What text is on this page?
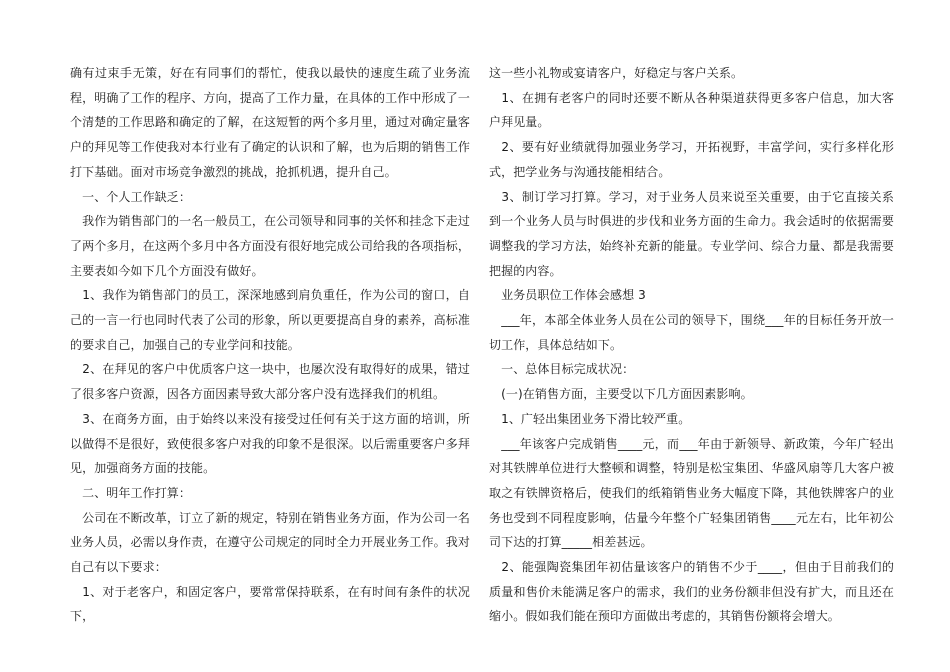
确有过束手无策，好在有同事们的帮忙，使我以最快的速度生疏了业务流程，明确了工作的程序、方向，提高了工作力量，在具体的工作中形成了一个清楚的工作思路和确定的了解，在这短暂的两个多月里，通过对确定量客户的拜见等工作使我对本行业有了确定的认识和了解，也为后期的销售工作打下基础。面对市场竞争激烈的挑战，抢抓机遇，提升自己。

　一、个人工作缺乏：

　我作为销售部门的一名一般员工，在公司领导和同事的关怀和挂念下走过了两个多月，在这两个多月中各方面没有很好地完成公司给我的各项指标，主要表如今如下几个方面没有做好。

　1、我作为销售部门的员工，深深地感到肩负重任，作为公司的窗口，自己的一言一行也同时代表了公司的形象，所以更要提高自身的素养，高标准的要求自己，加强自己的专业学问和技能。

　2、在拜见的客户中优质客户这一块中，也屡次没有取得好的成果，错过了很多客户资源，因各方面因素导致大部分客户没有选择我们的机组。

　3、在商务方面，由于始终以来没有接受过任何有关于这方面的培训，所以做得不是很好，致使很多客户对我的印象不是很深。以后需重要客户多拜见，加强商务方面的技能。

　二、明年工作打算：

　公司在不断改革，订立了新的规定，特别在销售业务方面，作为公司一名业务人员，必需以身作责，在遵守公司规定的同时全力开展业务工作。我对自己有以下要求：

　1、对于老客户，和固定客户，要常常保持联系，在有时间有条件的状况下，

这一些小礼物或宴请客户，好稳定与客户关系。

　1、在拥有老客户的同时还要不断从各种渠道获得更多客户信息，加大客户拜见量。

　2、要有好业绩就得加强业务学习，开拓视野，丰富学问，实行多样化形式，把学业务与沟通技能相结合。

　3、制订学习打算。学习，对于业务人员来说至关重要，由于它直接关系到一个业务人员与时俱进的步伐和业务方面的生命力。我会适时的依据需要调整我的学习方法，始终补充新的能量。专业学问、综合力量、都是我需要把握的内容。

　业务员职位工作体会感想 3

　___年，本部全体业务人员在公司的领导下，围绕___年的目标任务开放一切工作，具体总结如下。

　一、总体目标完成状况：

　(一)在销售方面，主要受以下几方面因素影响。

　1、广轻出集团业务下滑比较严重。

　___年该客户完成销售____元，而___年由于新领导、新政策，今年广轻出对其铁牌单位进行大整顿和调整，特别是松宝集团、华盛风扇等几大客户被取之有铁牌资格后，使我们的纸箱销售业务大幅度下降，其他铁牌客户的业务也受到不同程度影响，估量今年整个广轻集团销售____元左右，比年初公司下达的打算_____相差甚远。

　2、能强陶瓷集团年初估量该客户的销售不少于____，但由于目前我们的质量和售价未能满足客户的需求，我们的业务份额非但没有扩大，而且还在缩小。假如我们能在预印方面做出考虑的，其销售份额将会增大。
